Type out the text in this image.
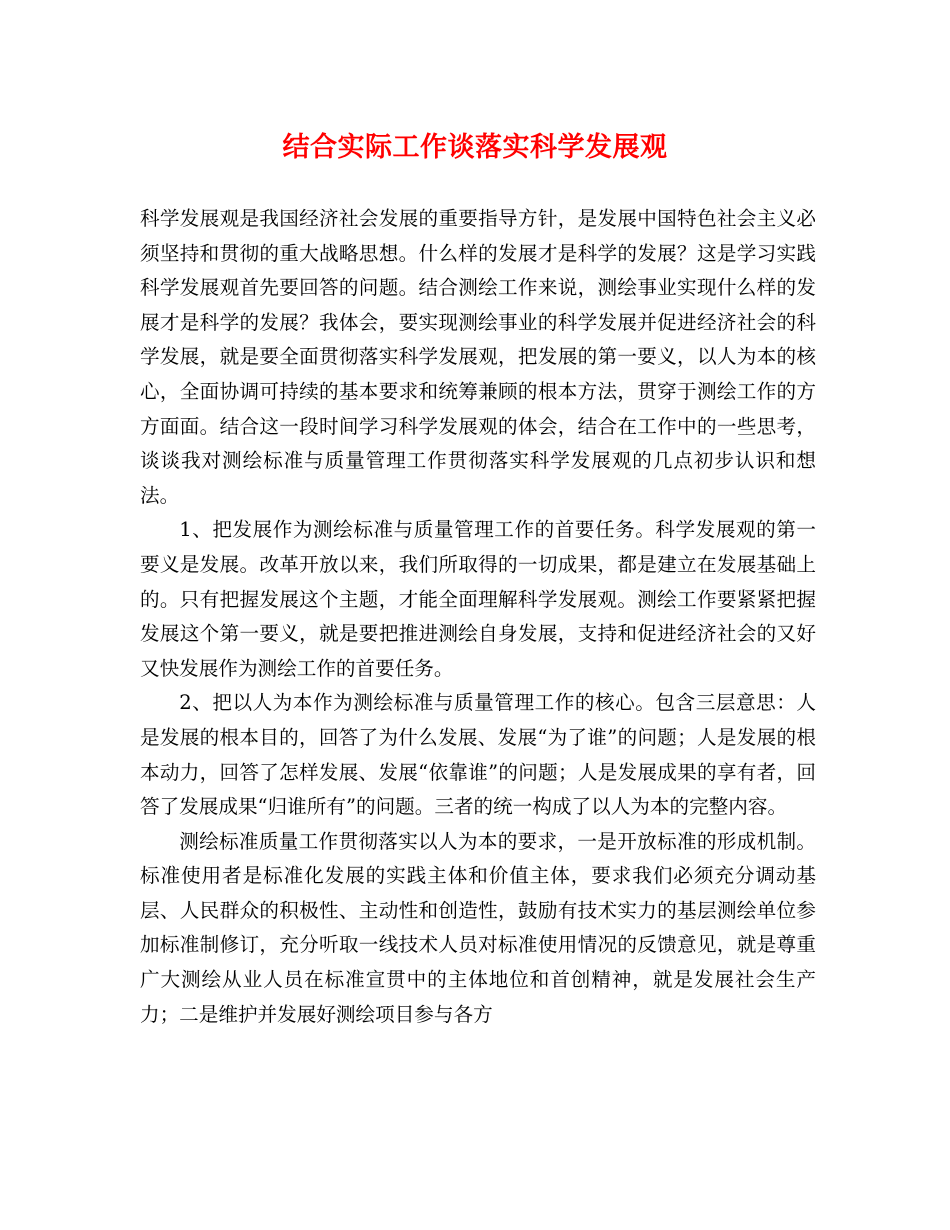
结合实际工作谈落实科学发展观

科学发展观是我国经济社会发展的重要指导方针，是发展中国特色社会主义必须坚持和贯彻的重大战略思想。什么样的发展才是科学的发展？这是学习实践科学发展观首先要回答的问题。结合测绘工作来说，测绘事业实现什么样的发展才是科学的发展？我体会，要实现测绘事业的科学发展并促进经济社会的科学发展，就是要全面贯彻落实科学发展观，把发展的第一要义，以人为本的核心，全面协调可持续的基本要求和统筹兼顾的根本方法，贯穿于测绘工作的方方面面。结合这一段时间学习科学发展观的体会，结合在工作中的一些思考，谈谈我对测绘标准与质量管理工作贯彻落实科学发展观的几点初步认识和想法。

1、把发展作为测绘标准与质量管理工作的首要任务。科学发展观的第一要义是发展。改革开放以来，我们所取得的一切成果，都是建立在发展基础上的。只有把握发展这个主题，才能全面理解科学发展观。测绘工作要紧紧把握发展这个第一要义，就是要把推进测绘自身发展，支持和促进经济社会的又好又快发展作为测绘工作的首要任务。

2、把以人为本作为测绘标准与质量管理工作的核心。包含三层意思：人是发展的根本目的，回答了为什么发展、发展“为了谁”的问题；人是发展的根本动力，回答了怎样发展、发展“依靠谁”的问题；人是发展成果的享有者，回答了发展成果“归谁所有”的问题。三者的统一构成了以人为本的完整内容。

测绘标准质量工作贯彻落实以人为本的要求，一是开放标准的形成机制。标准使用者是标准化发展的实践主体和价值主体，要求我们必须充分调动基层、人民群众的积极性、主动性和创造性，鼓励有技术实力的基层测绘单位参加标准制修订，充分听取一线技术人员对标准使用情况的反馈意见，就是尊重广大测绘从业人员在标准宣贯中的主体地位和首创精神，就是发展社会生产力；二是维护并发展好测绘项目参与各方
